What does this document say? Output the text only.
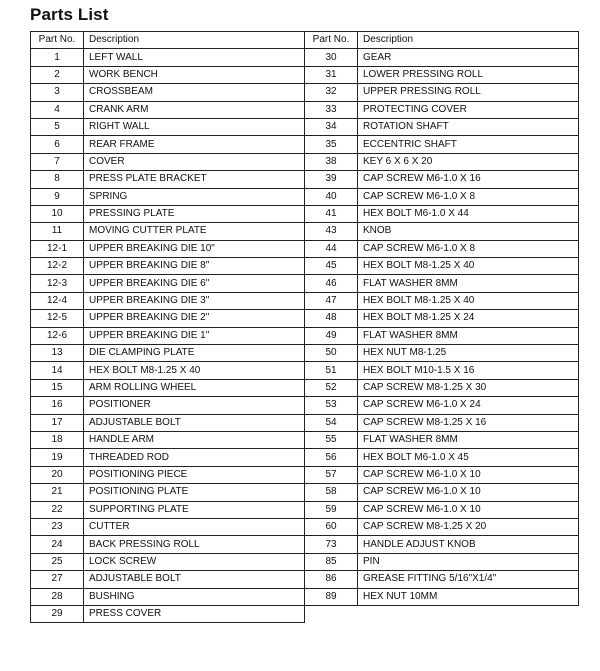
Parts List
Part No.	Description
1	LEFT WALL
2	WORK BENCH
3	CROSSBEAM
4	CRANK ARM
5	RIGHT WALL
6	REAR FRAME
7	COVER
8	PRESS PLATE BRACKET
9	SPRING
10	PRESSING PLATE
11	MOVING CUTTER PLATE
12-1	UPPER BREAKING DIE 10"
12-2	UPPER BREAKING DIE 8"
12-3	UPPER BREAKING DIE 6"
12-4	UPPER BREAKING DIE 3"
12-5	UPPER BREAKING DIE 2"
12-6	UPPER BREAKING DIE 1"
13	DIE CLAMPING PLATE
14	HEX BOLT M8-1.25 X 40
15	ARM ROLLING WHEEL
16	POSITIONER
17	ADJUSTABLE BOLT
18	HANDLE ARM
19	THREADED ROD
20	POSITIONING PIECE
21	POSITIONING PLATE
22	SUPPORTING PLATE
23	CUTTER
24	BACK PRESSING ROLL
25	LOCK SCREW
27	ADJUSTABLE BOLT
28	BUSHING
29	PRESS COVER
Part No.	Description
30	GEAR
31	LOWER PRESSING ROLL
32	UPPER PRESSING ROLL
33	PROTECTING COVER
34	ROTATION SHAFT
35	ECCENTRIC SHAFT
38	KEY 6 X 6 X 20
39	CAP SCREW M6-1.0 X 16
40	CAP SCREW M6-1.0 X 8
41	HEX BOLT M6-1.0 X 44
43	KNOB
44	CAP SCREW M6-1.0 X 8
45	HEX BOLT M8-1.25 X 40
46	FLAT WASHER 8MM
47	HEX BOLT M8-1.25 X 40
48	HEX BOLT M8-1.25 X 24
49	FLAT WASHER 8MM
50	HEX NUT M8-1.25
51	HEX BOLT M10-1.5 X 16
52	CAP SCREW M8-1.25 X 30
53	CAP SCREW M6-1.0 X 24
54	CAP SCREW M8-1.25 X 16
55	FLAT WASHER 8MM
56	HEX BOLT M6-1.0 X 45
57	CAP SCREW M6-1.0 X 10
58	CAP SCREW M6-1.0 X 10
59	CAP SCREW M6-1.0 X 10
60	CAP SCREW M8-1.25 X 20
73	HANDLE ADJUST KNOB
85	PIN
86	GREASE FITTING 5/16"X1/4"
89	HEX NUT 10MM
